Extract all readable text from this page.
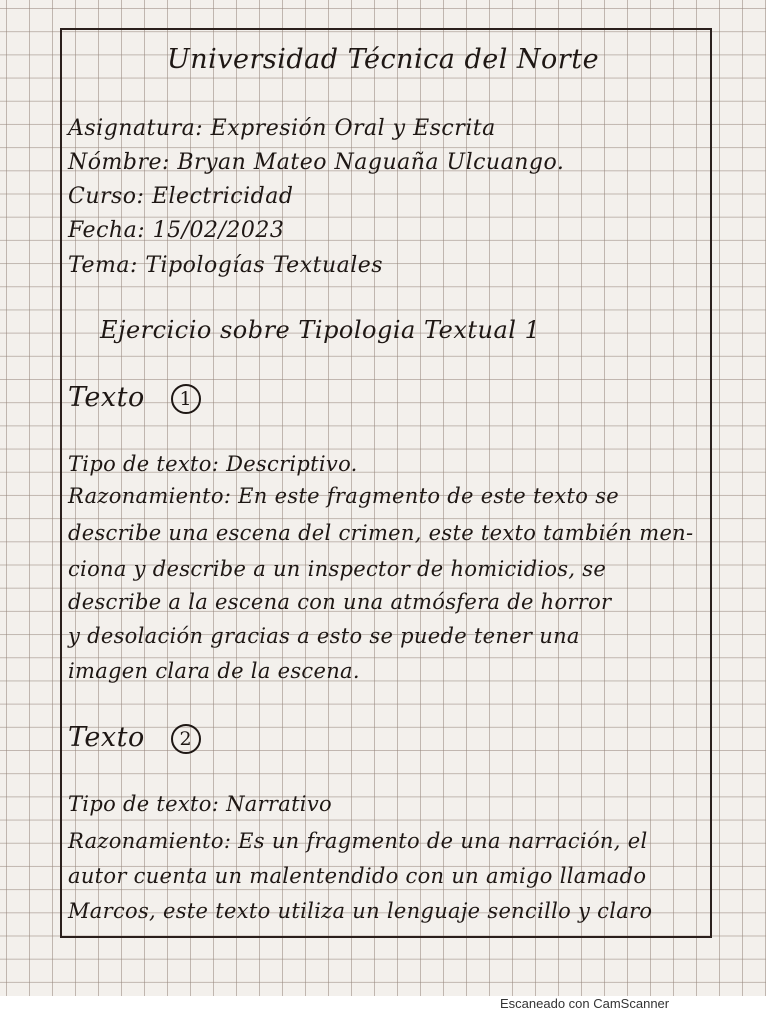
Universidad Técnica del Norte
Asignatura: Expresión Oral y Escrita
Nómbre: Bryan Mateo Naguaña Ulcuango.
Curso: Electricidad
Fecha: 15/02/2023
Tema: Tipologías Textuales
Ejercicio sobre Tipologia Textual 1
Texto 1
Tipo de texto: Descriptivo.
Razonamiento: En este fragmento de este texto se
describe una escena del crimen, este texto también men-
ciona y describe a un inspector de homicidios, se
describe a la escena con una atmósfera de horror
y desolación gracias a esto se puede tener una
imagen clara de la escena.
Texto 2
Tipo de texto: Narrativo
Razonamiento: Es un fragmento de una narración, el
autor cuenta un malentendido con un amigo llamado
Marcos, este texto utiliza un lenguaje sencillo y claro
Escaneado con CamScanner
